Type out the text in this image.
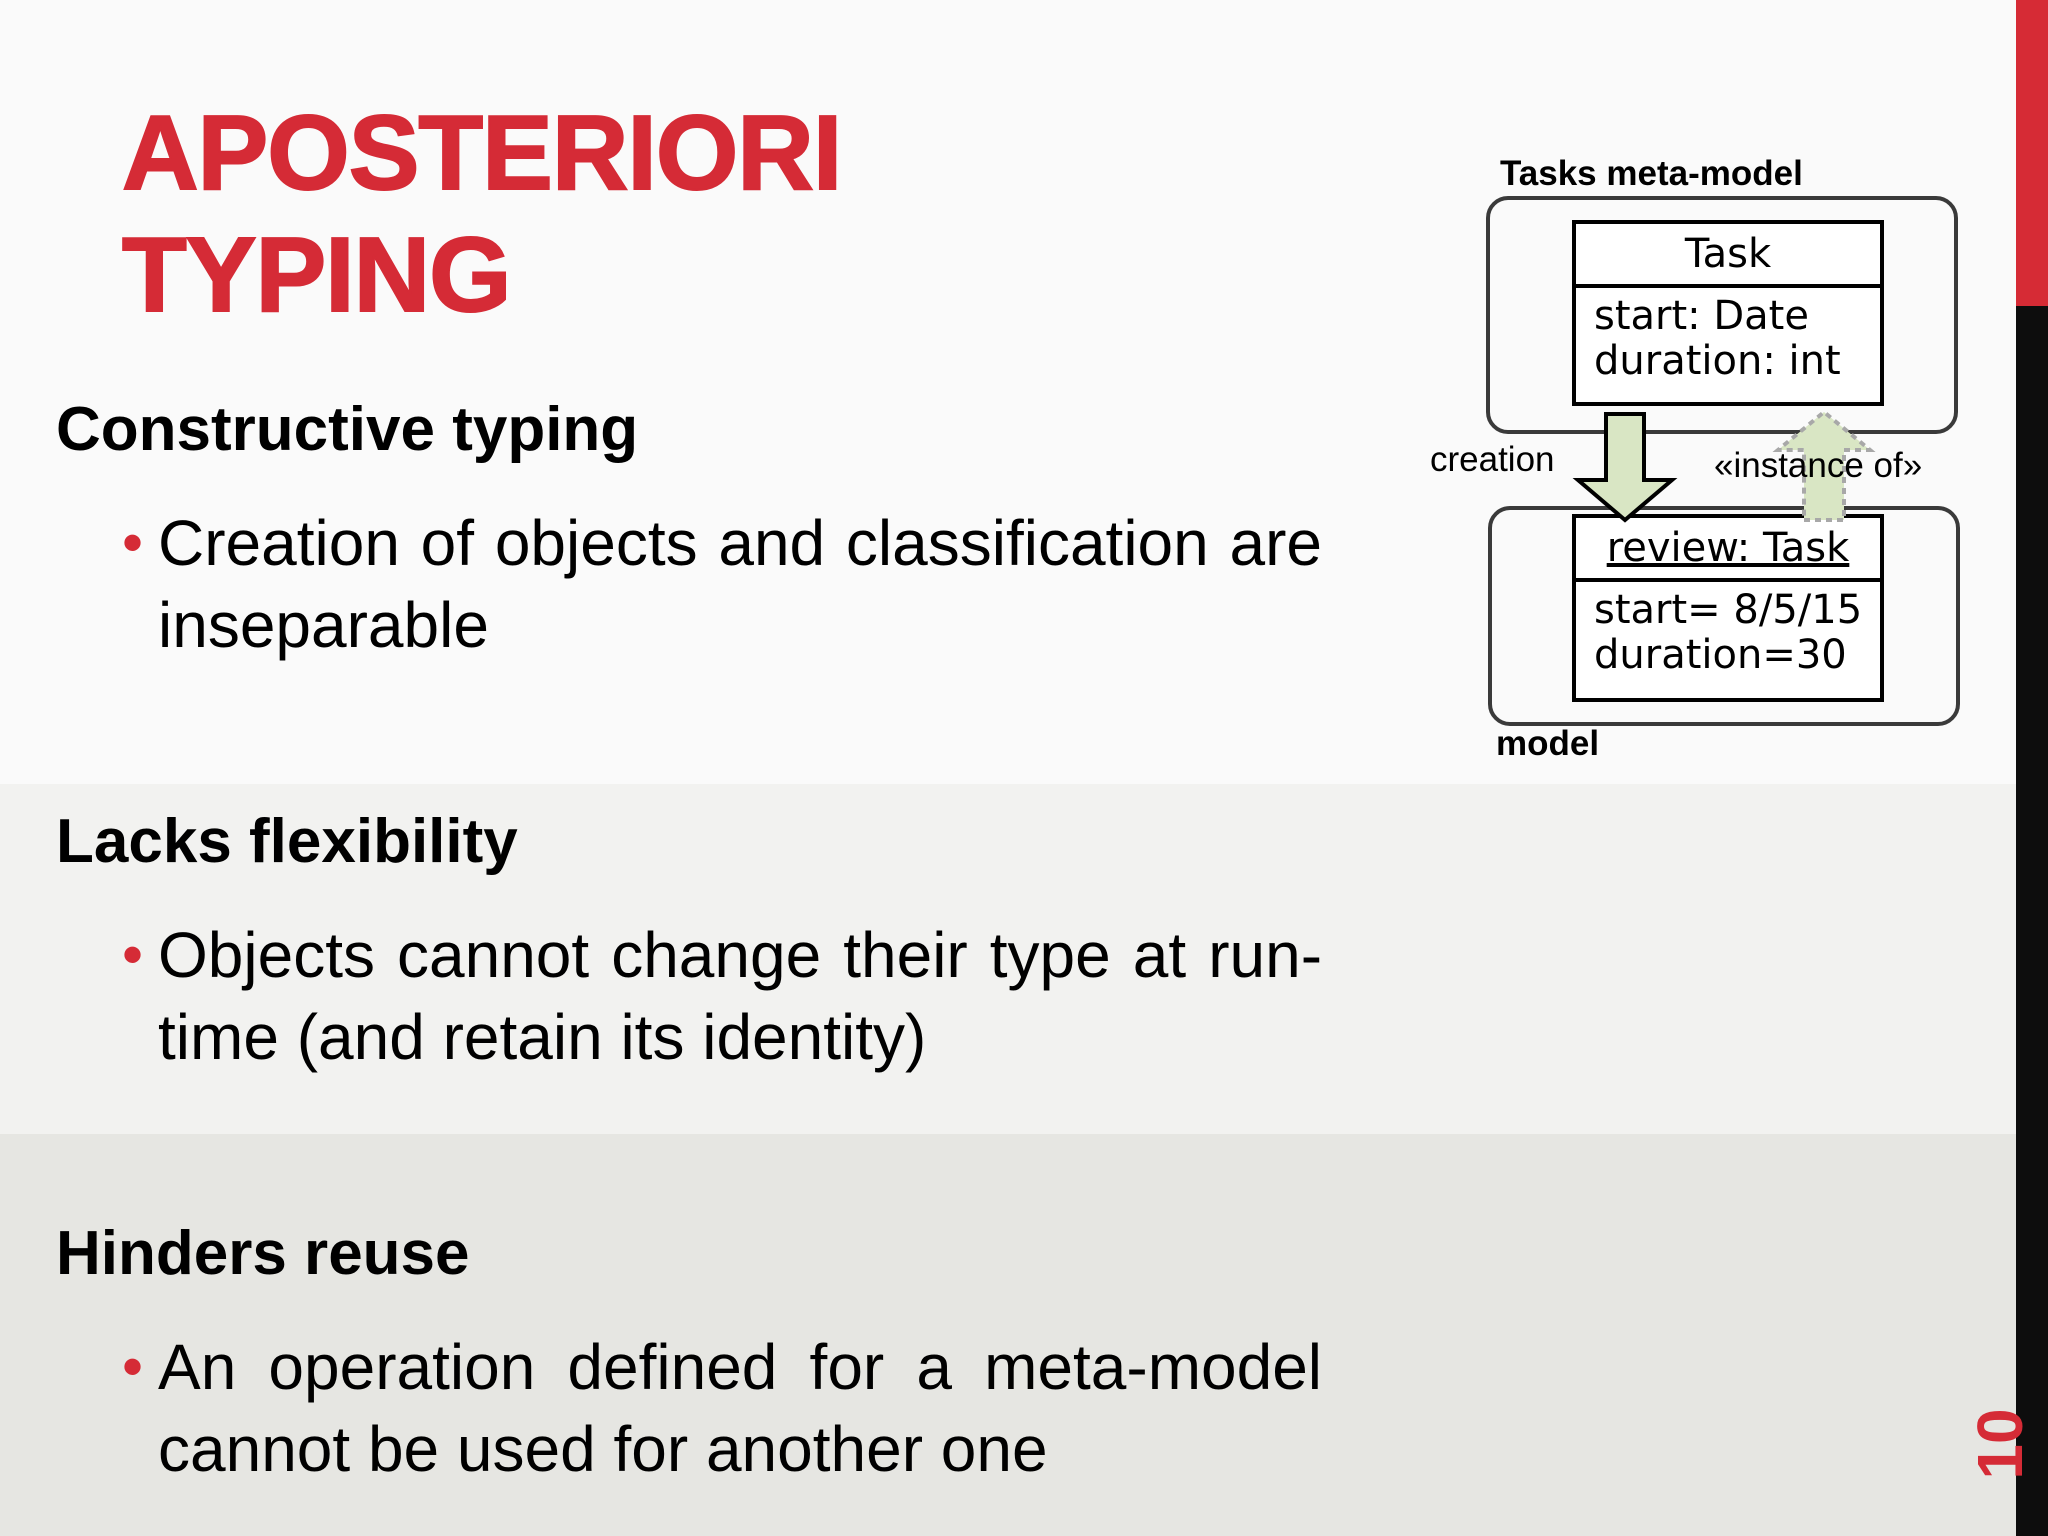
APOSTERIORI
TYPING
Constructive typing
• Creation of objects and classification are inseparable
Lacks flexibility
• Objects cannot change their type at run-time (and retain its identity)
Hinders reuse
• An operation defined for a meta-model cannot be used for another one
Tasks meta-model
Task
start: Date
duration: int
review: Task
start= 8/5/15
duration=30
creation	«instance of»
model
10
